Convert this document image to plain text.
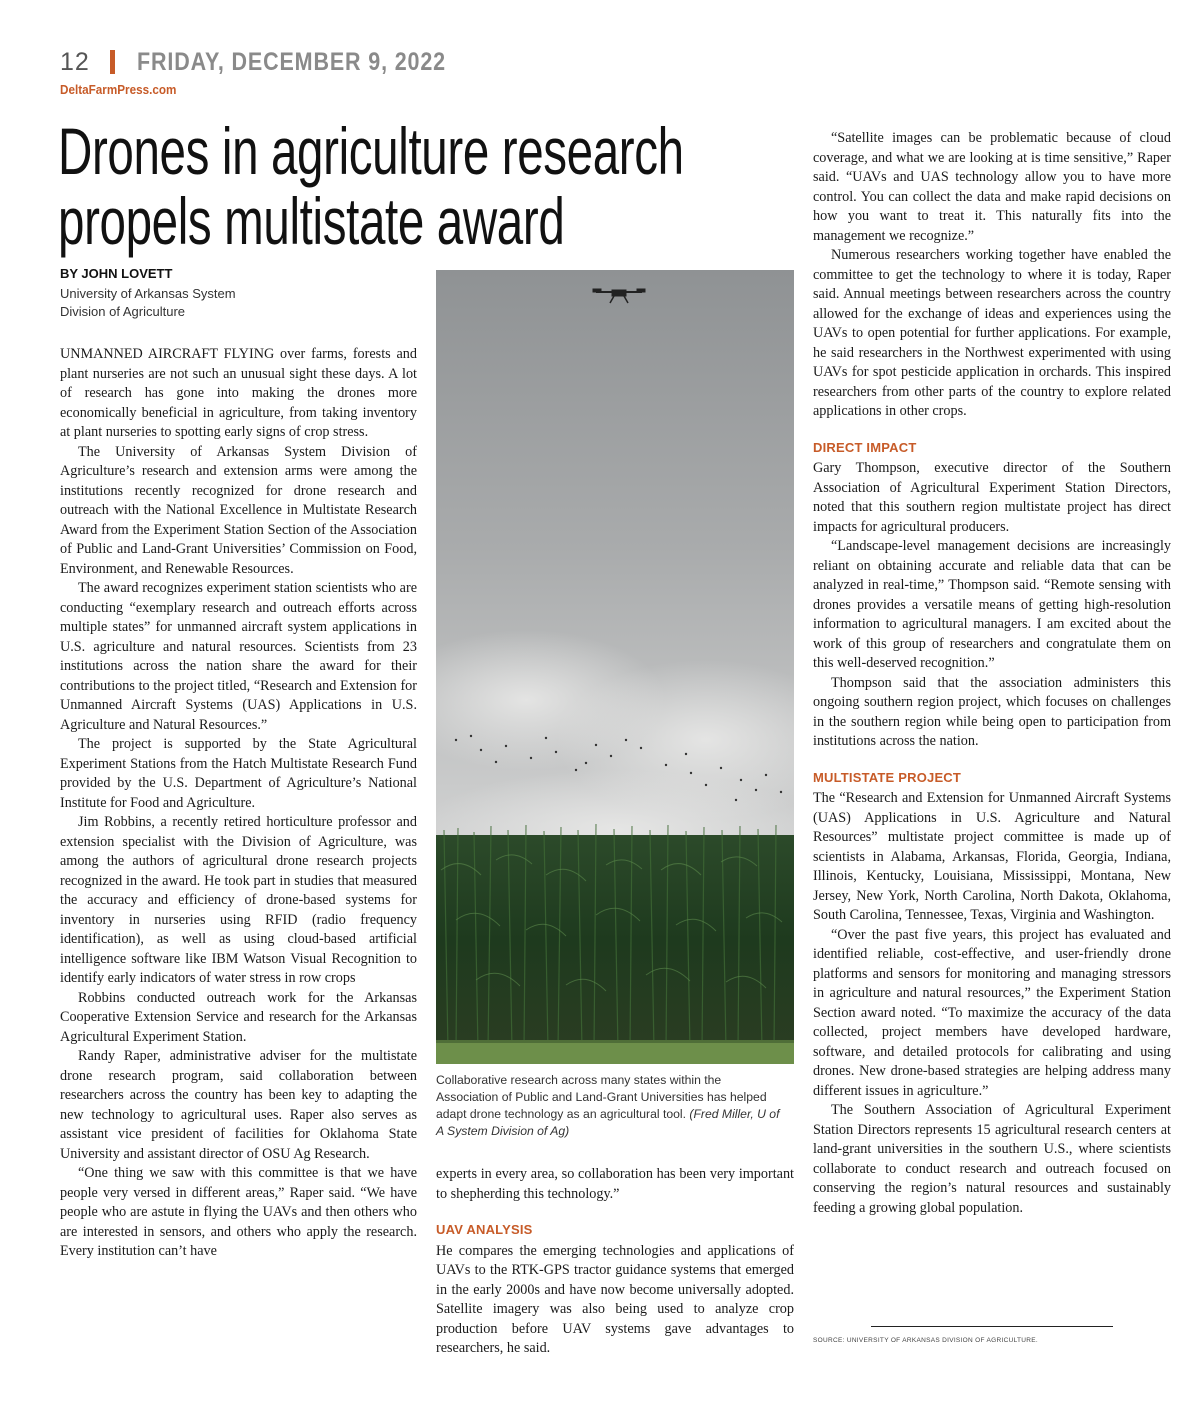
12 FRIDAY, DECEMBER 9, 2022
DeltaFarmPress.com
Drones in agriculture research
propels multistate award
BY JOHN LOVETT
University of Arkansas System
Division of Agriculture

UNMANNED AIRCRAFT FLYING over farms, forests and plant nurseries are not such an unusual sight these days. A lot of research has gone into making the drones more economically beneficial in agriculture, from taking inventory at plant nurseries to spotting early signs of crop stress.

The University of Arkansas System Division of Agriculture’s research and extension arms were among the institutions recently recognized for drone research and outreach with the National Excellence in Multistate Research Award from the Experiment Station Section of the Association of Public and Land-Grant Universities’ Commission on Food, Environment, and Renewable Resources.

The award recognizes experiment station scientists who are conducting “exemplary research and outreach efforts across multiple states” for unmanned aircraft system applications in U.S. agriculture and natural resources. Scientists from 23 institutions across the nation share the award for their contributions to the project titled, “Research and Extension for Unmanned Aircraft Systems (UAS) Applications in U.S. Agriculture and Natural Resources.”

The project is supported by the State Agricultural Experiment Stations from the Hatch Multistate Research Fund provided by the U.S. Department of Agriculture’s National Institute for Food and Agriculture.

Jim Robbins, a recently retired horticulture professor and extension specialist with the Division of Agriculture, was among the authors of agricultural drone research projects recognized in the award. He took part in studies that measured the accuracy and efficiency of drone-based systems for inventory in nurseries using RFID (radio frequency identification), as well as using cloud-based artificial intelligence software like IBM Watson Visual Recognition to identify early indicators of water stress in row crops

Robbins conducted outreach work for the Arkansas Cooperative Extension Service and research for the Arkansas Agricultural Experiment Station.

Randy Raper, administrative adviser for the multistate drone research program, said collaboration between researchers across the country has been key to adapting the new technology to agricultural uses. Raper also serves as assistant vice president of facilities for Oklahoma State University and assistant director of OSU Ag Research.

“One thing we saw with this committee is that we have people very versed in different areas,” Raper said. “We have people who are astute in flying the UAVs and then others who are interested in sensors, and others who apply the research. Every institution can’t have

Collaborative research across many states within the Association of Public and Land-Grant Universities has helped adapt drone technology as an agricultural tool. (Fred Miller, U of A System Division of Ag)

experts in every area, so collaboration has been very important to shepherding this technology.”

UAV ANALYSIS

He compares the emerging technologies and applications of UAVs to the RTK-GPS tractor guidance systems that emerged in the early 2000s and have now become universally adopted. Satellite imagery was also being used to analyze crop production before UAV systems gave advantages to researchers, he said.

“Satellite images can be problematic because of cloud coverage, and what we are looking at is time sensitive,” Raper said. “UAVs and UAS technology allow you to have more control. You can collect the data and make rapid decisions on how you want to treat it. This naturally fits into the management we recognize.”

Numerous researchers working together have enabled the committee to get the technology to where it is today, Raper said. Annual meetings between researchers across the country allowed for the exchange of ideas and experiences using the UAVs to open potential for further applications. For example, he said researchers in the Northwest experimented with using UAVs for spot pesticide application in orchards. This inspired researchers from other parts of the country to explore related applications in other crops.

DIRECT IMPACT

Gary Thompson, executive director of the Southern Association of Agricultural Experiment Station Directors, noted that this southern region multistate project has direct impacts for agricultural producers.

“Landscape-level management decisions are increasingly reliant on obtaining accurate and reliable data that can be analyzed in real-time,” Thompson said. “Remote sensing with drones provides a versatile means of getting high-resolution information to agricultural managers. I am excited about the work of this group of researchers and congratulate them on this well-deserved recognition.”

Thompson said that the association administers this ongoing southern region project, which focuses on challenges in the southern region while being open to participation from institutions across the nation.

MULTISTATE PROJECT

The “Research and Extension for Unmanned Aircraft Systems (UAS) Applications in U.S. Agriculture and Natural Resources” multistate project committee is made up of scientists in Alabama, Arkansas, Florida, Georgia, Indiana, Illinois, Kentucky, Louisiana, Mississippi, Montana, New Jersey, New York, North Carolina, North Dakota, Oklahoma, South Carolina, Tennessee, Texas, Virginia and Washington.

“Over the past five years, this project has evaluated and identified reliable, cost-effective, and user-friendly drone platforms and sensors for monitoring and managing stressors in agriculture and natural resources,” the Experiment Station Section award noted. “To maximize the accuracy of the data collected, project members have developed hardware, software, and detailed protocols for calibrating and using drones. New drone-based strategies are helping address many different issues in agriculture.”

The Southern Association of Agricultural Experiment Station Directors represents 15 agricultural research centers at land-grant universities in the southern U.S., where scientists collaborate to conduct research and outreach focused on conserving the region’s natural resources and sustainably feeding a growing global population.

SOURCE: UNIVERSITY OF ARKANSAS DIVISION OF AGRICULTURE.
